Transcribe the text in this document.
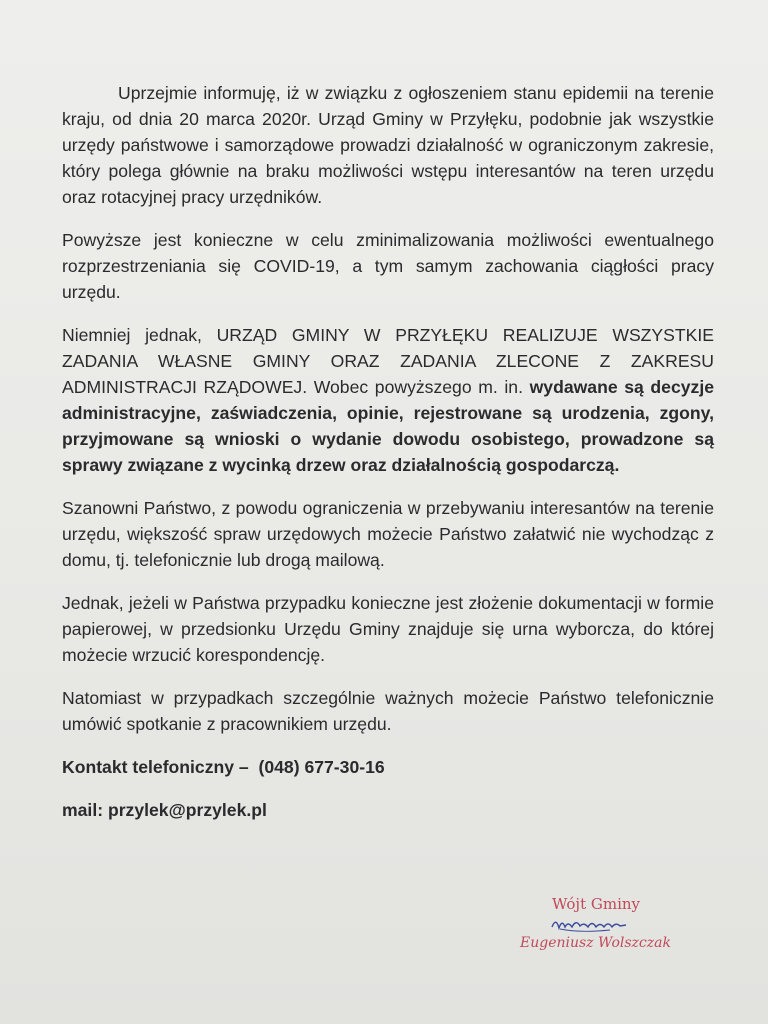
Uprzejmie informuję, iż w związku z ogłoszeniem stanu epidemii na terenie kraju, od dnia 20 marca 2020r. Urząd Gminy w Przyłęku, podobnie jak wszystkie urzędy państwowe i samorządowe prowadzi działalność w ograniczonym zakresie, który polega głównie na braku możliwości wstępu interesantów na teren urzędu oraz rotacyjnej pracy urzędników.

Powyższe jest konieczne w celu zminimalizowania możliwości ewentualnego rozprzestrzeniania się COVID-19, a tym samym zachowania ciągłości pracy urzędu.

Niemniej jednak, URZĄD GMINY W PRZYŁĘKU REALIZUJE WSZYSTKIE ZADANIA WŁASNE GMINY ORAZ ZADANIA ZLECONE Z ZAKRESU ADMINISTRACJI RZĄDOWEJ. Wobec powyższego m. in. wydawane są decyzje administracyjne, zaświadczenia, opinie, rejestrowane są urodzenia, zgony, przyjmowane są wnioski o wydanie dowodu osobistego, prowadzone są sprawy związane z wycinką drzew oraz działalnością gospodarczą.

Szanowni Państwo, z powodu ograniczenia w przebywaniu interesantów na terenie urzędu, większość spraw urzędowych możecie Państwo załatwić nie wychodząc z domu, tj. telefonicznie lub drogą mailową.

Jednak, jeżeli w Państwa przypadku konieczne jest złożenie dokumentacji w formie papierowej, w przedsionku Urzędu Gminy znajduje się urna wyborcza, do której możecie wrzucić korespondencję.

Natomiast w przypadkach szczególnie ważnych możecie Państwo telefonicznie umówić spotkanie z pracownikiem urzędu.

Kontakt telefoniczny –  (048) 677-30-16

mail: przylek@przylek.pl

Wójt Gminy
Eugeniusz Wolszczak
